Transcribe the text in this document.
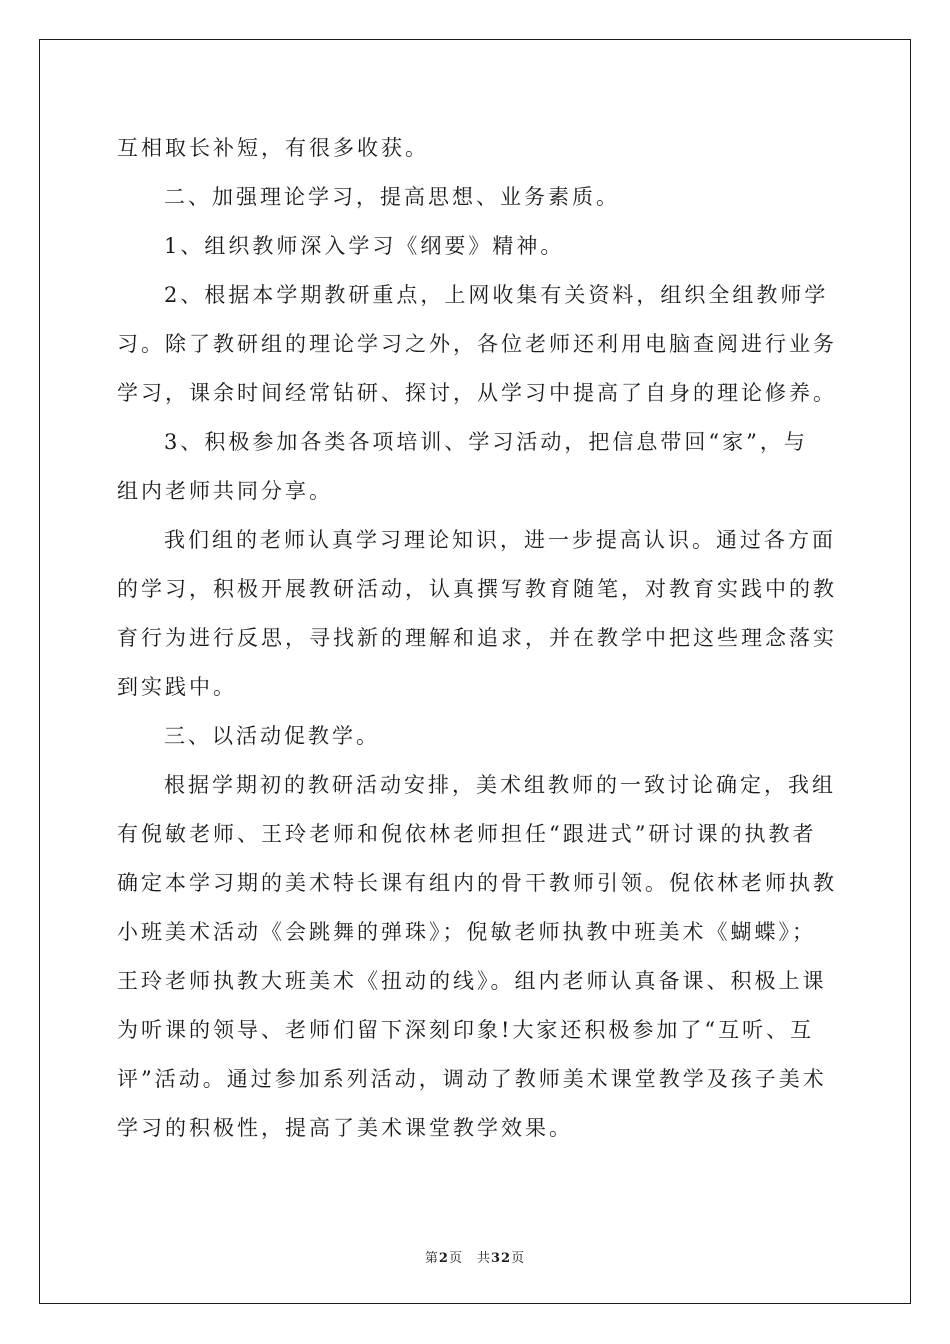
互相取长补短，有很多收获。
二、加强理论学习，提高思想、业务素质。
1、组织教师深入学习《纲要》精神。
2、根据本学期教研重点，上网收集有关资料，组织全组教师学
习。除了教研组的理论学习之外，各位老师还利用电脑查阅进行业务
学习，课余时间经常钻研、探讨，从学习中提高了自身的理论修养。
3、积极参加各类各项培训、学习活动，把信息带回“家”，与
组内老师共同分享。
我们组的老师认真学习理论知识，进一步提高认识。通过各方面
的学习，积极开展教研活动，认真撰写教育随笔，对教育实践中的教
育行为进行反思，寻找新的理解和追求，并在教学中把这些理念落实
到实践中。
三、以活动促教学。
根据学期初的教研活动安排，美术组教师的一致讨论确定，我组
有倪敏老师、王玲老师和倪依林老师担任“跟进式”研讨课的执教者
确定本学习期的美术特长课有组内的骨干教师引领。倪依林老师执教
小班美术活动《会跳舞的弹珠》；倪敏老师执教中班美术《蝴蝶》；
王玲老师执教大班美术《扭动的线》。组内老师认真备课、积极上课
为听课的领导、老师们留下深刻印象!大家还积极参加了“互听、互
评”活动。通过参加系列活动，调动了教师美术课堂教学及孩子美术
学习的积极性，提高了美术课堂教学效果。
第2页 共32页
